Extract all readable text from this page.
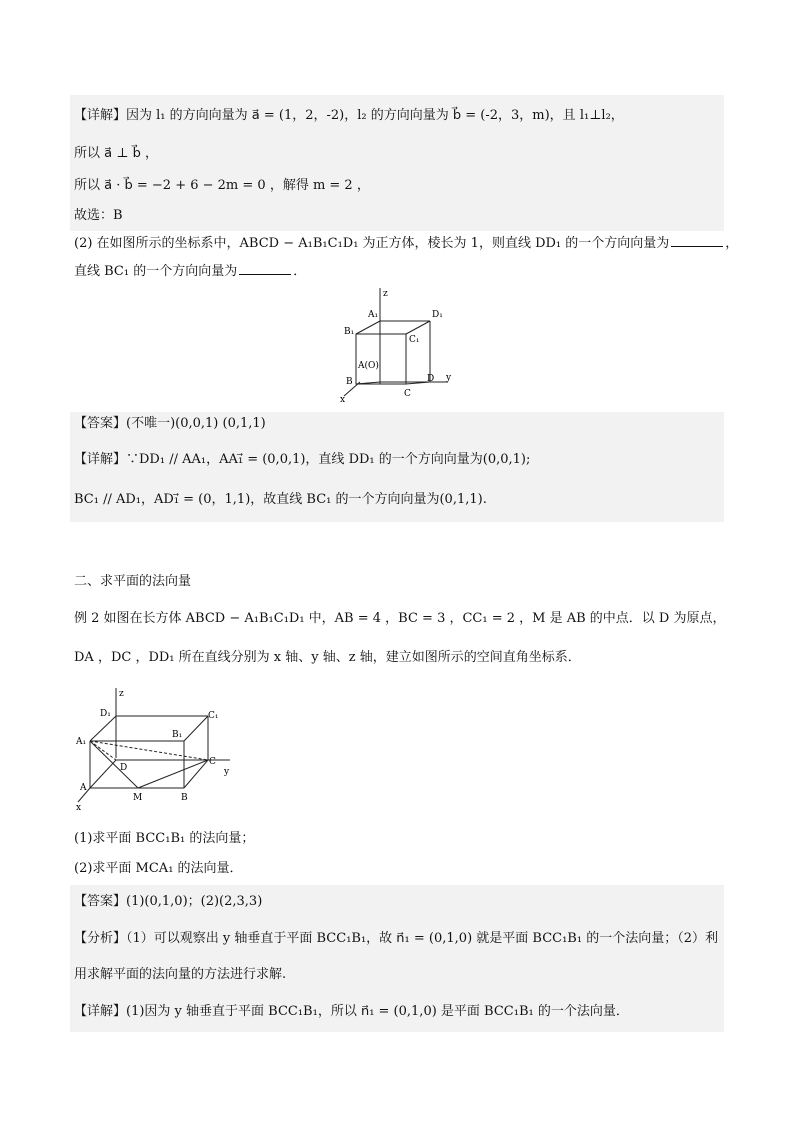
【详解】因为 l₁ 的方向向量为 a⃗ = (1，2，-2)，l₂ 的方向向量为 b⃗ = (-2，3，m)，且 l₁⊥l₂，
所以 a⃗ ⊥ b⃗ ，
所以 a⃗ · b⃗ = −2 + 6 − 2m = 0 ，解得 m = 2 ，
故选：B
(2) 在如图所示的坐标系中，ABCD − A₁B₁C₁D₁ 为正方体，棱长为 1，则直线 DD₁ 的一个方向向量为	，
直线 BC₁ 的一个方向向量为	．
z
y
x
A₁	D₁
B₁
C₁
A(O)
B
C
D
【答案】(不唯一)(0,0,1) (0,1,1)
【详解】∵DD₁ // AA₁，AA₁⃗ = (0,0,1)，直线 DD₁ 的一个方向向量为(0,0,1);
BC₁ // AD₁，AD₁⃗ = (0，1,1)，故直线 BC₁ 的一个方向向量为(0,1,1).
二、求平面的法向量
例 2 如图在长方体 ABCD − A₁B₁C₁D₁ 中，AB = 4 ，BC = 3 ，CC₁ = 2 ，M 是 AB 的中点．以 D 为原点，
DA ，DC ，DD₁ 所在直线分别为 x 轴、y 轴、z 轴，建立如图所示的空间直角坐标系．
z
y
x
D₁	C₁
A₁
B₁
D
C
A
M	B
(1)求平面 BCC₁B₁ 的法向量；
(2)求平面 MCA₁ 的法向量．
【答案】(1)(0,1,0)；(2)(2,3,3)
【分析】（1）可以观察出 y 轴垂直于平面 BCC₁B₁，故 n⃗₁ = (0,1,0) 就是平面 BCC₁B₁ 的一个法向量；（2）利
用求解平面的法向量的方法进行求解.
【详解】(1)因为 y 轴垂直于平面 BCC₁B₁，所以 n⃗₁ = (0,1,0) 是平面 BCC₁B₁ 的一个法向量．
